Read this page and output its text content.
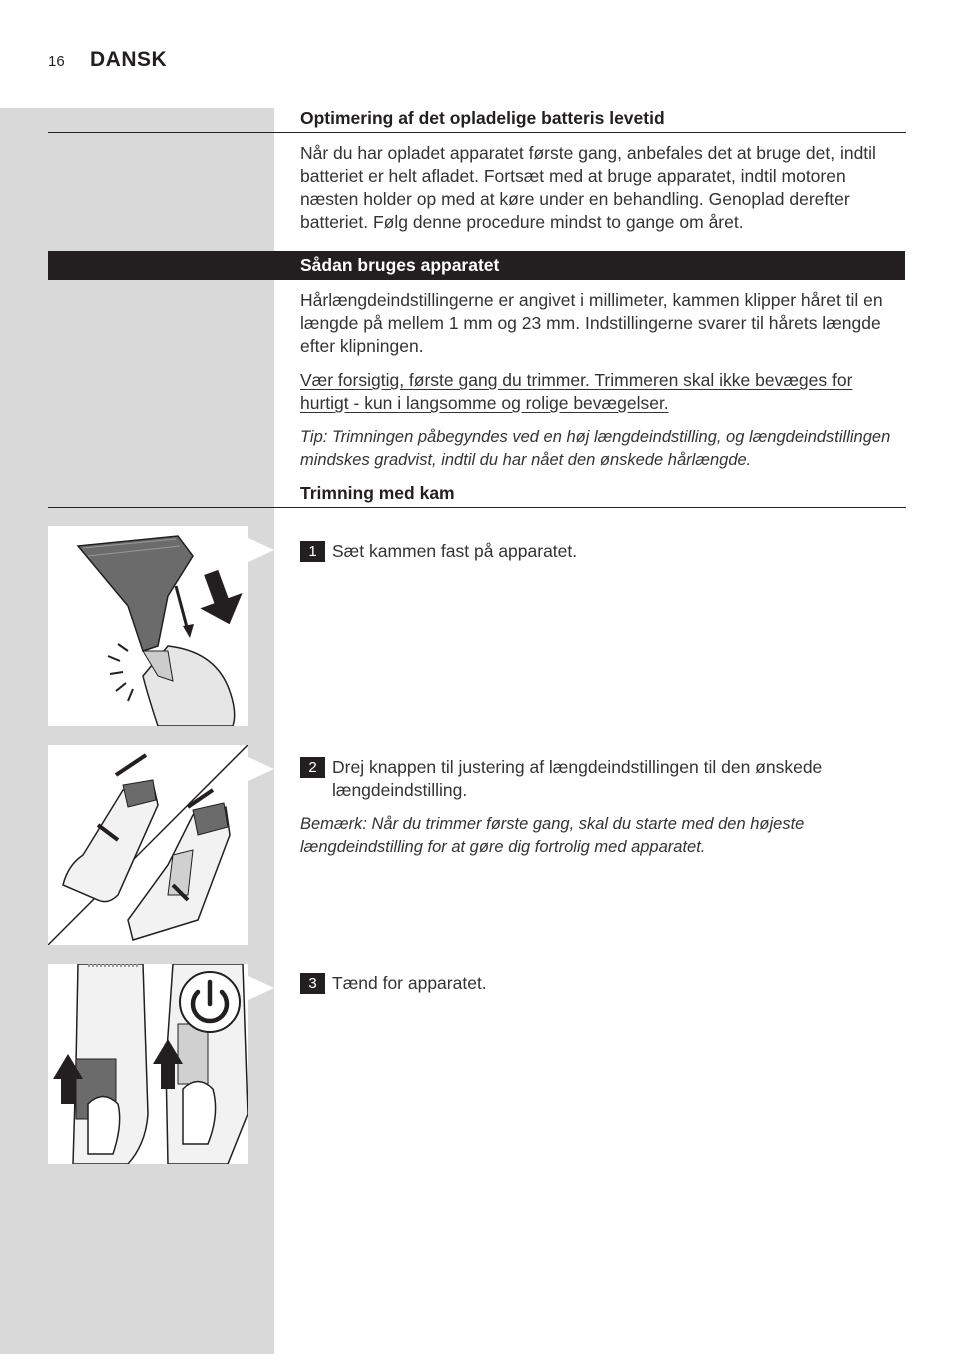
16 DANSK
Optimering af det opladelige batteris levetid
Når du har opladet apparatet første gang, anbefales det at bruge det, indtil batteriet er helt afladet. Fortsæt med at bruge apparatet, indtil motoren næsten holder op med at køre under en behandling. Genoplad derefter batteriet. Følg denne procedure mindst to gange om året.
Sådan bruges apparatet
Hårlængdeindstillingerne er angivet i millimeter, kammen klipper håret til en længde på mellem 1 mm og 23 mm. Indstillingerne svarer til hårets længde efter klipningen.
Vær forsigtig, første gang du trimmer. Trimmeren skal ikke bevæges for hurtigt - kun i langsomme og rolige bevægelser.
Tip: Trimningen påbegyndes ved en høj længdeindstilling, og længdeindstillingen mindskes gradvist, indtil du har nået den ønskede hårlængde.
Trimning med kam
1 Sæt kammen fast på apparatet.
2 Drej knappen til justering af længdeindstillingen til den ønskede længdeindstilling.
Bemærk: Når du trimmer første gang, skal du starte med den højeste længdeindstilling for at gøre dig fortrolig med apparatet.
3 Tænd for apparatet.
